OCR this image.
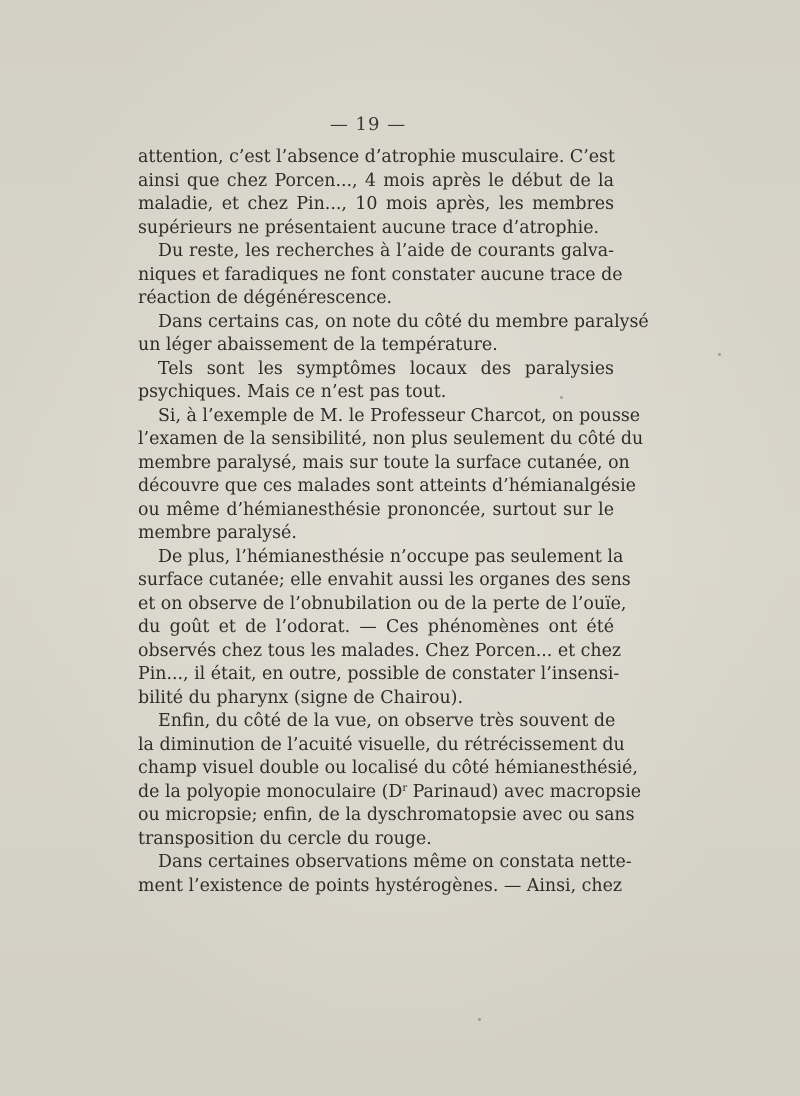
— 19 —
attention, c’est l’absence d’atrophie musculaire. C’est
ainsi que chez Porcen..., 4 mois après le début de la
maladie, et chez Pin..., 10 mois après, les membres
supérieurs ne présentaient aucune trace d’atrophie.
Du reste, les recherches à l’aide de courants galva-
niques et faradiques ne font constater aucune trace de
réaction de dégénérescence.
Dans certains cas, on note du côté du membre paralysé
un léger abaissement de la température.
Tels sont les symptômes locaux des paralysies
psychiques. Mais ce n’est pas tout.
Si, à l’exemple de M. le Professeur Charcot, on pousse
l’examen de la sensibilité, non plus seulement du côté du
membre paralysé, mais sur toute la surface cutanée, on
découvre que ces malades sont atteints d’hémianalgésie
ou même d’hémianesthésie prononcée, surtout sur le
membre paralysé.
De plus, l’hémianesthésie n’occupe pas seulement la
surface cutanée; elle envahit aussi les organes des sens
et on observe de l’obnubilation ou de la perte de l’ouïe,
du goût et de l’odorat. — Ces phénomènes ont été
observés chez tous les malades. Chez Porcen... et chez
Pin..., il était, en outre, possible de constater l’insensi-
bilité du pharynx (signe de Chairou).
Enfin, du côté de la vue, on observe très souvent de
la diminution de l’acuité visuelle, du rétrécissement du
champ visuel double ou localisé du côté hémianesthésié,
de la polyopie monoculaire ($D^r$ Parinaud) avec macropsie
ou micropsie; enfin, de la dyschromatopsie avec ou sans
transposition du cercle du rouge.
Dans certaines observations même on constata nette-
ment l’existence de points hystérogènes. — Ainsi, chez
